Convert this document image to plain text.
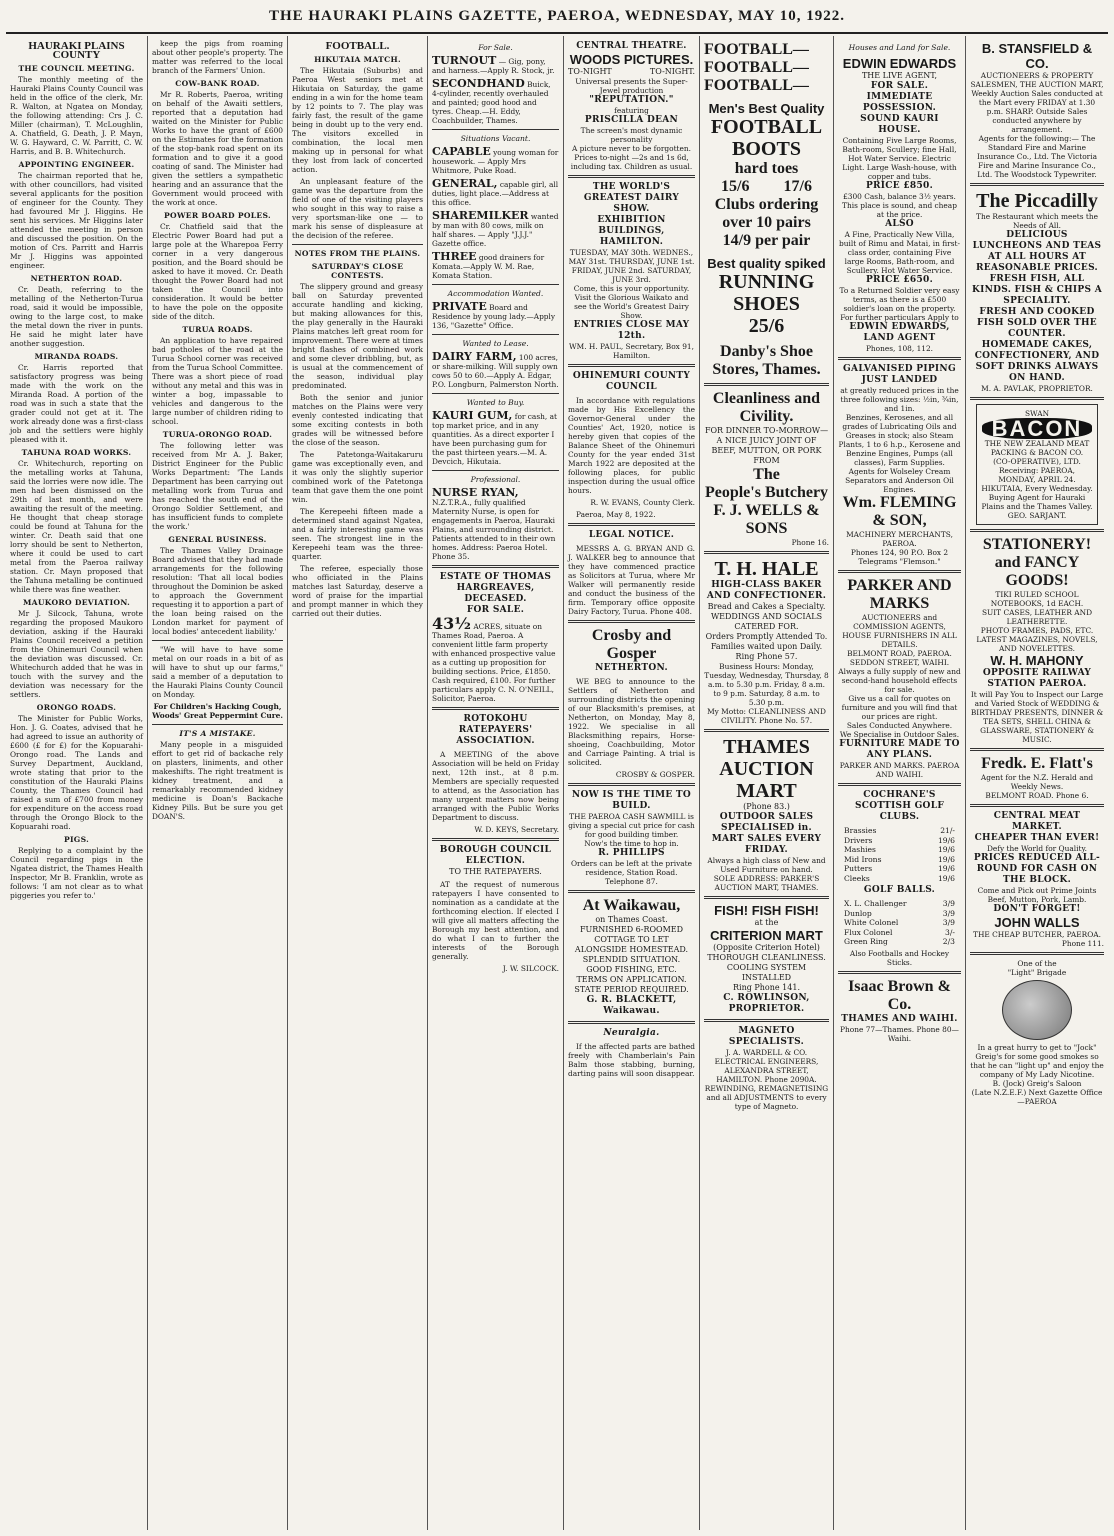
THE HAURAKI PLAINS GAZETTE, PAEROA, WEDNESDAY, MAY 10, 1922.
HAURAKI PLAINS COUNTY
THE COUNCIL MEETING.

The monthly meeting of the Hauraki Plains County Council was held in the office of the clerk, Mr. R. Walton, at Ngatea on Monday, the following attending: Crs J. C. Miller (chairman), T. McLoughlin, A. Chatfield, G. Death, J. P. Mayn, W. G. Hayward, C. W. Parritt, C. W. Harris, and B. B. Whitechurch.

APPOINTING ENGINEER.

The chairman reported that he, with other councillors, had visited several applicants for the position of engineer for the County. They had favoured Mr J. Higgins. He sent his services. Mr Higgins later attended the meeting in person and discussed the position. On the motion of Crs. Parritt and Harris Mr J. Higgins was appointed engineer.

NETHERTON ROAD.

Cr. Death, referring to the metalling of the Netherton-Turua road, said it would be impossible, owing to the large cost, to make the metal down the river in punts. He said he might later have another suggestion.

MIRANDA ROADS.

Cr. Harris reported that satisfactory progress was being made with the work on the Miranda Road. A portion of the road was in such a state that the grader could not get at it. The work already done was a first-class job and the settlers were highly pleased with it.

TAHUNA ROAD WORKS.

Cr. Whitechurch, reporting on the metalling works at Tahuna, said the lorries were now idle. The men had been dismissed on the 29th of last month, and were awaiting the result of the meeting. He thought that cheap storage could be found at Tahuna for the winter. Cr. Death said that one lorry should be sent to Netherton, where it could be used to cart metal from the Paeroa railway station. Cr. Mayn proposed that the Tahuna metalling be continued while there was fine weather.

MAUKORO DEVIATION.

Mr J. Silcock, Tahuna, wrote regarding the proposed Maukoro deviation, asking if the Hauraki Plains Council received a petition from the Ohinemuri Council when the deviation was discussed. Cr. Whitechurch added that he was in touch with the survey and the deviation was necessary for the settlers.

ORONGO ROADS.

The Minister for Public Works, Hon. J. G. Coates, advised that he had agreed to issue an authority of £600 (£ for £) for the Kopuarahi-Orongo road. The Lands and Survey Department, Auckland, wrote stating that prior to the constitution of the Hauraki Plains County, the Thames Council had raised a sum of £700 from money for expenditure on the access road through the Orongo Block to the Kopuarahi road.

PIGS.

Replying to a complaint by the Council regarding pigs in the Ngatea district, the Thames Health Inspector, Mr B. Franklin, wrote as follows: 'I am not clear as to what piggeries you refer to.'

keep the pigs from roaming about other people's property. The matter was referred to the local branch of the Farmers' Union.

COW-BANK ROAD.

Mr R. Roberts, Paeroa, writing on behalf of the Awaiti settlers, reported that a deputation had waited on the Minister for Public Works to have the grant of £600 on the Estimates for the formation of the stop-bank road spent on its formation and to give it a good coating of sand. The Minister had given the settlers a sympathetic hearing and an assurance that the Government would proceed with the work at once.

POWER BOARD POLES.

Cr. Chatfield said that the Electric Power Board had put a large pole at the Wharepoa Ferry corner in a very dangerous position, and the Board should be asked to have it moved. Cr. Death thought the Power Board had not taken the Council into consideration. It would be better to have the pole on the opposite side of the ditch.

TURUA ROADS.

An application to have repaired bad potholes of the road at the Turua School corner was received from the Turua School Committee. There was a short piece of road without any metal and this was in winter a bog, impassable to vehicles and dangerous to the large number of children riding to school.

TURUA-ORONGO ROAD.

The following letter was received from Mr A. J. Baker, District Engineer for the Public Works Department: 'The Lands Department has been carrying out metalling work from Turua and has reached the south end of the Orongo Soldier Settlement, and has insufficient funds to complete the work.'

GENERAL BUSINESS.

The Thames Valley Drainage Board advised that they had made arrangements for the following resolution: 'That all local bodies throughout the Dominion be asked to approach the Government requesting it to apportion a part of the loan being raised on the London market for payment of local bodies' antecedent liability.'

"We will have to have some metal on our roads in a bit of as will have to shut up our farms," said a member of a deputation to the Hauraki Plains County Council on Monday.

For Children's Hacking Cough, Woods' Great Peppermint Cure.

IT'S A MISTAKE.

Many people in a misguided effort to get rid of backache rely on plasters, liniments, and other makeshifts. The right treatment is kidney treatment, and a remarkably recommended kidney medicine is Doan's Backache Kidney Pills. But be sure you get DOAN'S.

FOOTBALL.
HIKUTAIA MATCH.

The Hikutaia (Suburbs) and Paeroa West seniors met at Hikutaia on Saturday, the game ending in a win for the home team by 12 points to 7. The play was fairly fast, the result of the game being in doubt up to the very end. The visitors excelled in combination, the local men making up in personal for what they lost from lack of concerted action.

An unpleasant feature of the game was the departure from the field of one of the visiting players who sought in this way to raise a very sportsman-like one — to mark his sense of displeasure at the decision of the referee.

NOTES FROM THE PLAINS.
SATURDAY'S CLOSE CONTESTS.

The slippery ground and greasy ball on Saturday prevented accurate handling and kicking, but making allowances for this, the play generally in the Hauraki Plains matches left great room for improvement. There were at times bright flashes of combined work and some clever dribbling, but, as is usual at the commencement of the season, individual play predominated.

Both the senior and junior matches on the Plains were very evenly contested indicating that some exciting contests in both grades will be witnessed before the close of the season.

The Patetonga-Waitakaruru game was exceptionally even, and it was only the slightly superior combined work of the Patetonga team that gave them the one point win.

The Kerepeehi fifteen made a determined stand against Ngatea, and a fairly interesting game was seen. The strongest line in the Kerepeehi team was the three-quarter.

The referee, especially those who officiated in the Plains matches last Saturday, deserve a word of praise for the impartial and prompt manner in which they carried out their duties.

For Sale.

TURNOUT — Gig, pony, and harness.—Apply R. Stock, jr.

SECONDHAND Buick, 4-cylinder, recently overhauled and painted; good hood and tyres. Cheap.—H. Eddy, Coachbuilder, Thames.

Situations Vacant.

CAPABLE young woman for housework. — Apply Mrs Whitmore, Puke Road.

GENERAL, capable girl, all duties, light place.—Address at this office.

SHAREMILKER wanted by man with 80 cows, milk on half shares. — Apply "J.J.J." Gazette office.

THREE good drainers for Komata.—Apply W. M. Rae, Komata Station.

Accommodation Wanted.

PRIVATE Board and Residence by young lady.—Apply 136, "Gazette" Office.

Wanted to Lease.

DAIRY FARM, 100 acres, or share-milking. Will supply own cows 50 to 60.—Apply A. Edgar, P.O. Longburn, Palmerston North.

Wanted to Buy.

KAURI GUM, for cash, at top market price, and in any quantities. As a direct exporter I have been purchasing gum for the past thirteen years.—M. A. Devcich, Hikutaia.

Professional.

NURSE RYAN, N.Z.T.R.A., fully qualified Maternity Nurse, is open for engagements in Paeroa, Hauraki Plains, and surrounding district. Patients attended to in their own homes. Address: Paeroa Hotel. Phone 35.

ESTATE OF THOMAS HARGREAVES, DECEASED.
FOR SALE.

43½ ACRES, situate on Thames Road, Paeroa. A convenient little farm property with enhanced prospective value as a cutting up proposition for building sections. Price, £1850. Cash required, £100. For further particulars apply C. N. O'NEILL, Solicitor, Paeroa.

ROTOKOHU RATEPAYERS' ASSOCIATION.

A MEETING of the above Association will be held on Friday next, 12th inst., at 8 p.m. Members are specially requested to attend, as the Association has many urgent matters now being arranged with the Public Works Department to discuss.

W. D. KEYS, Secretary.

BOROUGH COUNCIL ELECTION.
TO THE RATEPAYERS.

AT the request of numerous ratepayers I have consented to nomination as a candidate at the forthcoming election. If elected I will give all matters affecting the Borough my best attention, and do what I can to further the interests of the Borough generally.

J. W. SILCOCK.

CENTRAL THEATRE.
WOODS PICTURES.
TO-NIGHT	TO-NIGHT.
Universal presents the Super-Jewel production
"REPUTATION."
featuring
PRISCILLA DEAN
The screen's most dynamic personality
A picture never to be forgotten.
Prices to-night —2s and 1s 6d, including tax. Children as usual.
THE WORLD'S GREATEST DAIRY SHOW.
EXHIBITION BUILDINGS, HAMILTON.
TUESDAY, MAY 30th. WEDNES., MAY 31st. THURSDAY, JUNE 1st. FRIDAY, JUNE 2nd. SATURDAY, JUNE 3rd.
Come, this is your opportunity. Visit the Glorious Waikato and see the World's Greatest Dairy Show.
ENTRIES CLOSE MAY 12th.
WM. H. PAUL, Secretary, Box 91, Hamilton.
OHINEMURI COUNTY COUNCIL

In accordance with regulations made by His Excellency the Governor-General under the Counties' Act, 1920, notice is hereby given that copies of the Balance Sheet of the Ohinemuri County for the year ended 31st March 1922 are deposited at the following places, for public inspection during the usual office hours.

R. W. EVANS, County Clerk.

Paeroa, May 8, 1922.

LEGAL NOTICE.

MESSRS A. G. BRYAN AND G. J. WALKER beg to announce that they have commenced practice as Solicitors at Turua, where Mr Walker will permanently reside and conduct the business of the firm. Temporary office opposite Dairy Factory, Turua. Phone 408.

Crosby and Gosper
NETHERTON.

WE BEG to announce to the Settlers of Netherton and surrounding districts the opening of our Blacksmith's premises, at Netherton, on Monday, May 8, 1922. We specialise in all Blacksmithing repairs, Horse-shoeing, Coachbuilding, Motor and Carriage Painting. A trial is solicited.

CROSBY & GOSPER.

NOW IS THE TIME TO BUILD.
THE PAEROA CASH SAWMILL is giving a special cut price for cash for good building timber.
Now's the time to hop in.
R. PHILLIPS
Orders can be left at the private residence, Station Road. Telephone 87.
At Waikawau,
on Thames Coast.
FURNISHED 6-ROOMED COTTAGE TO LET ALONGSIDE HOMESTEAD.
SPLENDID SITUATION.
GOOD FISHING, ETC.
TERMS ON APPLICATION.
STATE PERIOD REQUIRED.
G. R. BLACKETT, Waikawau.
Neuralgia.

If the affected parts are bathed freely with Chamberlain's Pain Balm those stabbing, burning, darting pains will soon disappear.

FOOTBALL—
FOOTBALL—
FOOTBALL—
Men's Best Quality
FOOTBALL BOOTS
hard toes
15/6 17/6
Clubs ordering over 10 pairs
14/9 per pair
Best quality spiked
RUNNING SHOES
25/6
Danby's Shoe Stores, Thames.
Cleanliness and Civility.
FOR DINNER TO-MORROW—
A NICE JUICY JOINT OF BEEF, MUTTON, OR PORK
FROM
The
People's Butchery
F. J. WELLS & SONS
Phone 16.
T. H. HALE
HIGH-CLASS BAKER AND CONFECTIONER.
Bread and Cakes a Specialty.
WEDDINGS AND SOCIALS CATERED FOR.
Orders Promptly Attended To.
Families waited upon Daily.
Ring Phone 57.
Business Hours: Monday, Tuesday, Wednesday, Thursday, 8 a.m. to 5.30 p.m. Friday, 8 a.m. to 9 p.m. Saturday, 8 a.m. to 5.30 p.m.
My Motto: CLEANLINESS AND CIVILITY. Phone No. 57.
THAMES AUCTION MART
(Phone 83.)
OUTDOOR SALES SPECIALISED in.
MART SALES EVERY FRIDAY.
Always a high class of New and Used Furniture on hand.
SOLE ADDRESS: PARKER'S AUCTION MART, THAMES.
FISH! FISH FISH!
at the
CRITERION MART
(Opposite Criterion Hotel)
THOROUGH CLEANLINESS.
COOLING SYSTEM INSTALLED
Ring Phone 141.
C. ROWLINSON, PROPRIETOR.
MAGNETO SPECIALISTS.
J. A. WARDELL & CO. ELECTRICAL ENGINEERS, ALEXANDRA STREET, HAMILTON. Phone 2090A.
REWINDING, REMAGNETISING and all ADJUSTMENTS to every type of Magneto.
Houses and Land for Sale.
EDWIN EDWARDS
THE LIVE AGENT,
FOR SALE.
IMMEDIATE POSSESSION.
SOUND KAURI HOUSE.
Containing Five Large Rooms, Bath-room, Scullery; fine Hall, Hot Water Service. Electric Light. Large Wash-house, with copper and tubs.
PRICE £850.
£300 Cash, balance 3½ years. This place is sound, and cheap at the price.
ALSO
A Fine, Practically New Villa, built of Rimu and Matai, in first-class order, containing Five large Rooms, Bath-room, and Scullery. Hot Water Service.
PRICE £650.
To a Returned Soldier very easy terms, as there is a £500 soldier's loan on the property.
For further particulars Apply to
EDWIN EDWARDS, LAND AGENT
Phones, 108, 112.
GALVANISED PIPING JUST LANDED
at greatly reduced prices in the three following sizes: ½in, ¾in, and 1in.
Benzines, Kerosenes, and all grades of Lubricating Oils and Greases in stock; also Steam Plants, 1 to 6 h.p., Kerosene and Benzine Engines, Pumps (all classes), Farm Supplies.
Agents for Wolseley Cream Separators and Anderson Oil Engines.
Wm. FLEMING & SON,
MACHINERY MERCHANTS, PAEROA.
Phones 124, 90 P.O. Box 2
Telegrams "Flemson."
PARKER AND MARKS
AUCTIONEERS and COMMISSION AGENTS, HOUSE FURNISHERS IN ALL DETAILS.
BELMONT ROAD, PAEROA. SEDDON STREET, WAIHI.
Always a fully supply of new and second-hand household effects for sale.
Give us a call for quotes on furniture and you will find that our prices are right.
Sales Conducted Anywhere.
We Specialise in Outdoor Sales.
FURNITURE MADE TO ANY PLANS.
PARKER AND MARKS. PAEROA AND WAIHI.
COCHRANE'S SCOTTISH GOLF CLUBS.
Brassies	21/-
Drivers	19/6
Mashies	19/6
Mid Irons	19/6
Putters	19/6
Cleeks	19/6
GOLF BALLS.
X. L. Challenger	3/9
Dunlop	3/9
White Colonel	3/9
Flux Colonel	3/-
Green Ring	2/3
Also Footballs and Hockey Sticks.
Isaac Brown & Co.
THAMES AND WAIHI.
Phone 77—Thames. Phone 80—Waihi.
B. STANSFIELD & CO.
AUCTIONEERS & PROPERTY SALESMEN, THE AUCTION MART,
Weekly Auction Sales conducted at the Mart every FRIDAY at 1.30 p.m. SHARP. Outside Sales conducted anywhere by arrangement.
Agents for the following:— The Standard Fire and Marine Insurance Co., Ltd. The Victoria Fire and Marine Insurance Co., Ltd. The Woodstock Typewriter.
The Piccadilly
The Restaurant which meets the Needs of All.
DELICIOUS LUNCHEONS AND TEAS AT ALL HOURS AT REASONABLE PRICES.
FRESH FISH, ALL KINDS. FISH & CHIPS A SPECIALITY.
FRESH AND COOKED FISH SOLD OVER THE COUNTER.
HOMEMADE CAKES, CONFECTIONERY, AND SOFT DRINKS ALWAYS ON HAND.
M. A. PAVLAK, PROPRIETOR.
SWAN
BACON
THE NEW ZEALAND MEAT PACKING & BACON CO. (CO-OPERATIVE), LTD.
Receiving: PAEROA, MONDAY, APRIL 24. HIKUTAIA, Every Wednesday.
Buying Agent for Hauraki Plains and the Thames Valley.
GEO. SARJANT.
STATIONERY! and FANCY GOODS!
TIKI RULED SCHOOL NOTEBOOKS, 1d EACH.
SUIT CASES, LEATHER AND LEATHERETTE.
PHOTO FRAMES, PADS, ETC.
LATEST MAGAZINES, NOVELS, AND NOVELETTES.
W. H. MAHONY
OPPOSITE RAILWAY STATION PAEROA.
It will Pay You to Inspect our Large and Varied Stock of WEDDING & BIRTHDAY PRESENTS, DINNER & TEA SETS, SHELL CHINA & GLASSWARE, STATIONERY & MUSIC.
Fredk. E. Flatt's
Agent for the N.Z. Herald and Weekly News.
BELMONT ROAD. Phone 6.
CENTRAL MEAT MARKET.
CHEAPER THAN EVER!
Defy the World for Quality.
PRICES REDUCED ALL-ROUND FOR CASH ON THE BLOCK.
Come and Pick out Prime Joints Beef, Mutton, Pork, Lamb.
DON'T FORGET!
JOHN WALLS
THE CHEAP BUTCHER, PAEROA.
Phone 111.
One of the
"Light" Brigade
In a great hurry to get to "Jock" Greig's for some good smokes so that he can "light up" and enjoy the company of My Lady Nicotine.
B. (Jock) Greig's Saloon
(Late N.Z.E.F.) Next Gazette Office—PAEROA
